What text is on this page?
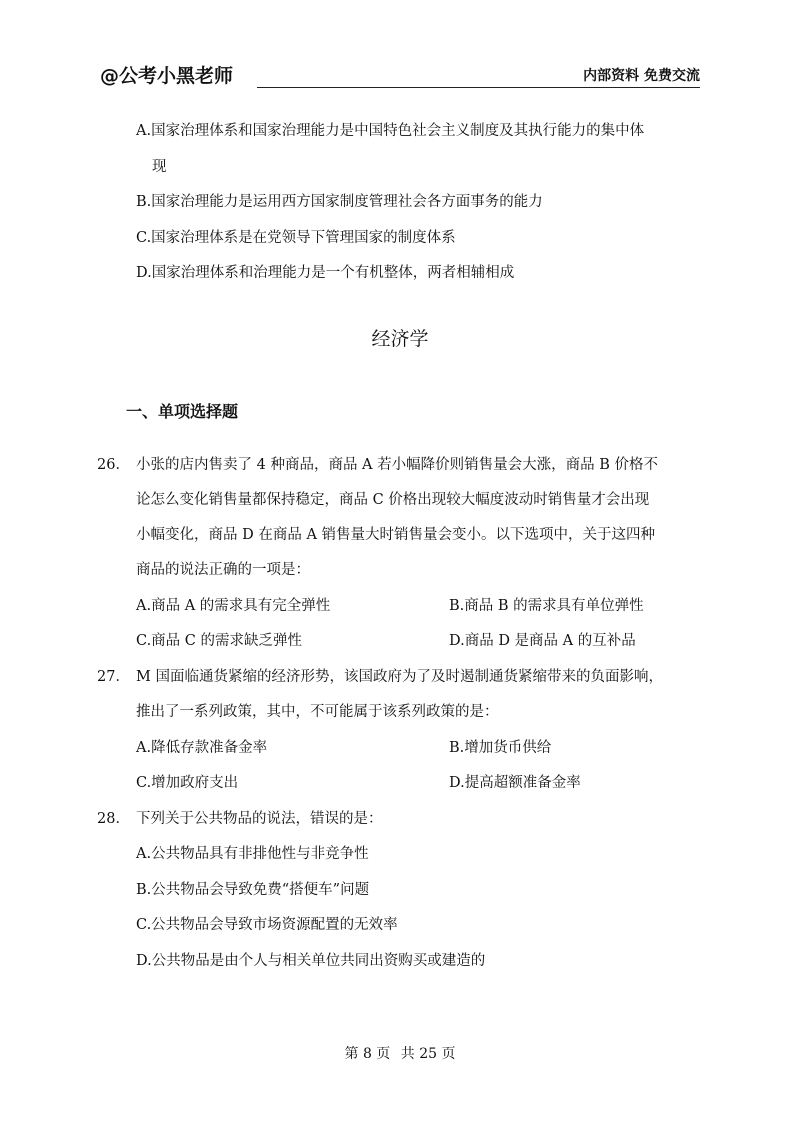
@公考小黑老师	内部资料 免费交流
A.国家治理体系和国家治理能力是中国特色社会主义制度及其执行能力的集中体
现
B.国家治理能力是运用西方国家制度管理社会各方面事务的能力
C.国家治理体系是在党领导下管理国家的制度体系
D.国家治理体系和治理能力是一个有机整体，两者相辅相成
经济学
一、单项选择题
26． 小张的店内售卖了 4 种商品，商品 A 若小幅降价则销售量会大涨，商品 B 价格不
论怎么变化销售量都保持稳定，商品 C 价格出现较大幅度波动时销售量才会出现
小幅变化，商品 D 在商品 A 销售量大时销售量会变小。以下选项中，关于这四种
商品的说法正确的一项是：
A.商品 A 的需求具有完全弹性	B.商品 B 的需求具有单位弹性
C.商品 C 的需求缺乏弹性	D.商品 D 是商品 A 的互补品
27． M 国面临通货紧缩的经济形势，该国政府为了及时遏制通货紧缩带来的负面影响，
推出了一系列政策，其中，不可能属于该系列政策的是：
A.降低存款准备金率	B.增加货币供给
C.增加政府支出	D.提高超额准备金率
28． 下列关于公共物品的说法，错误的是：
A.公共物品具有非排他性与非竞争性
B.公共物品会导致免费“搭便车”问题
C.公共物品会导致市场资源配置的无效率
D.公共物品是由个人与相关单位共同出资购买或建造的
第 8 页 共 25 页
